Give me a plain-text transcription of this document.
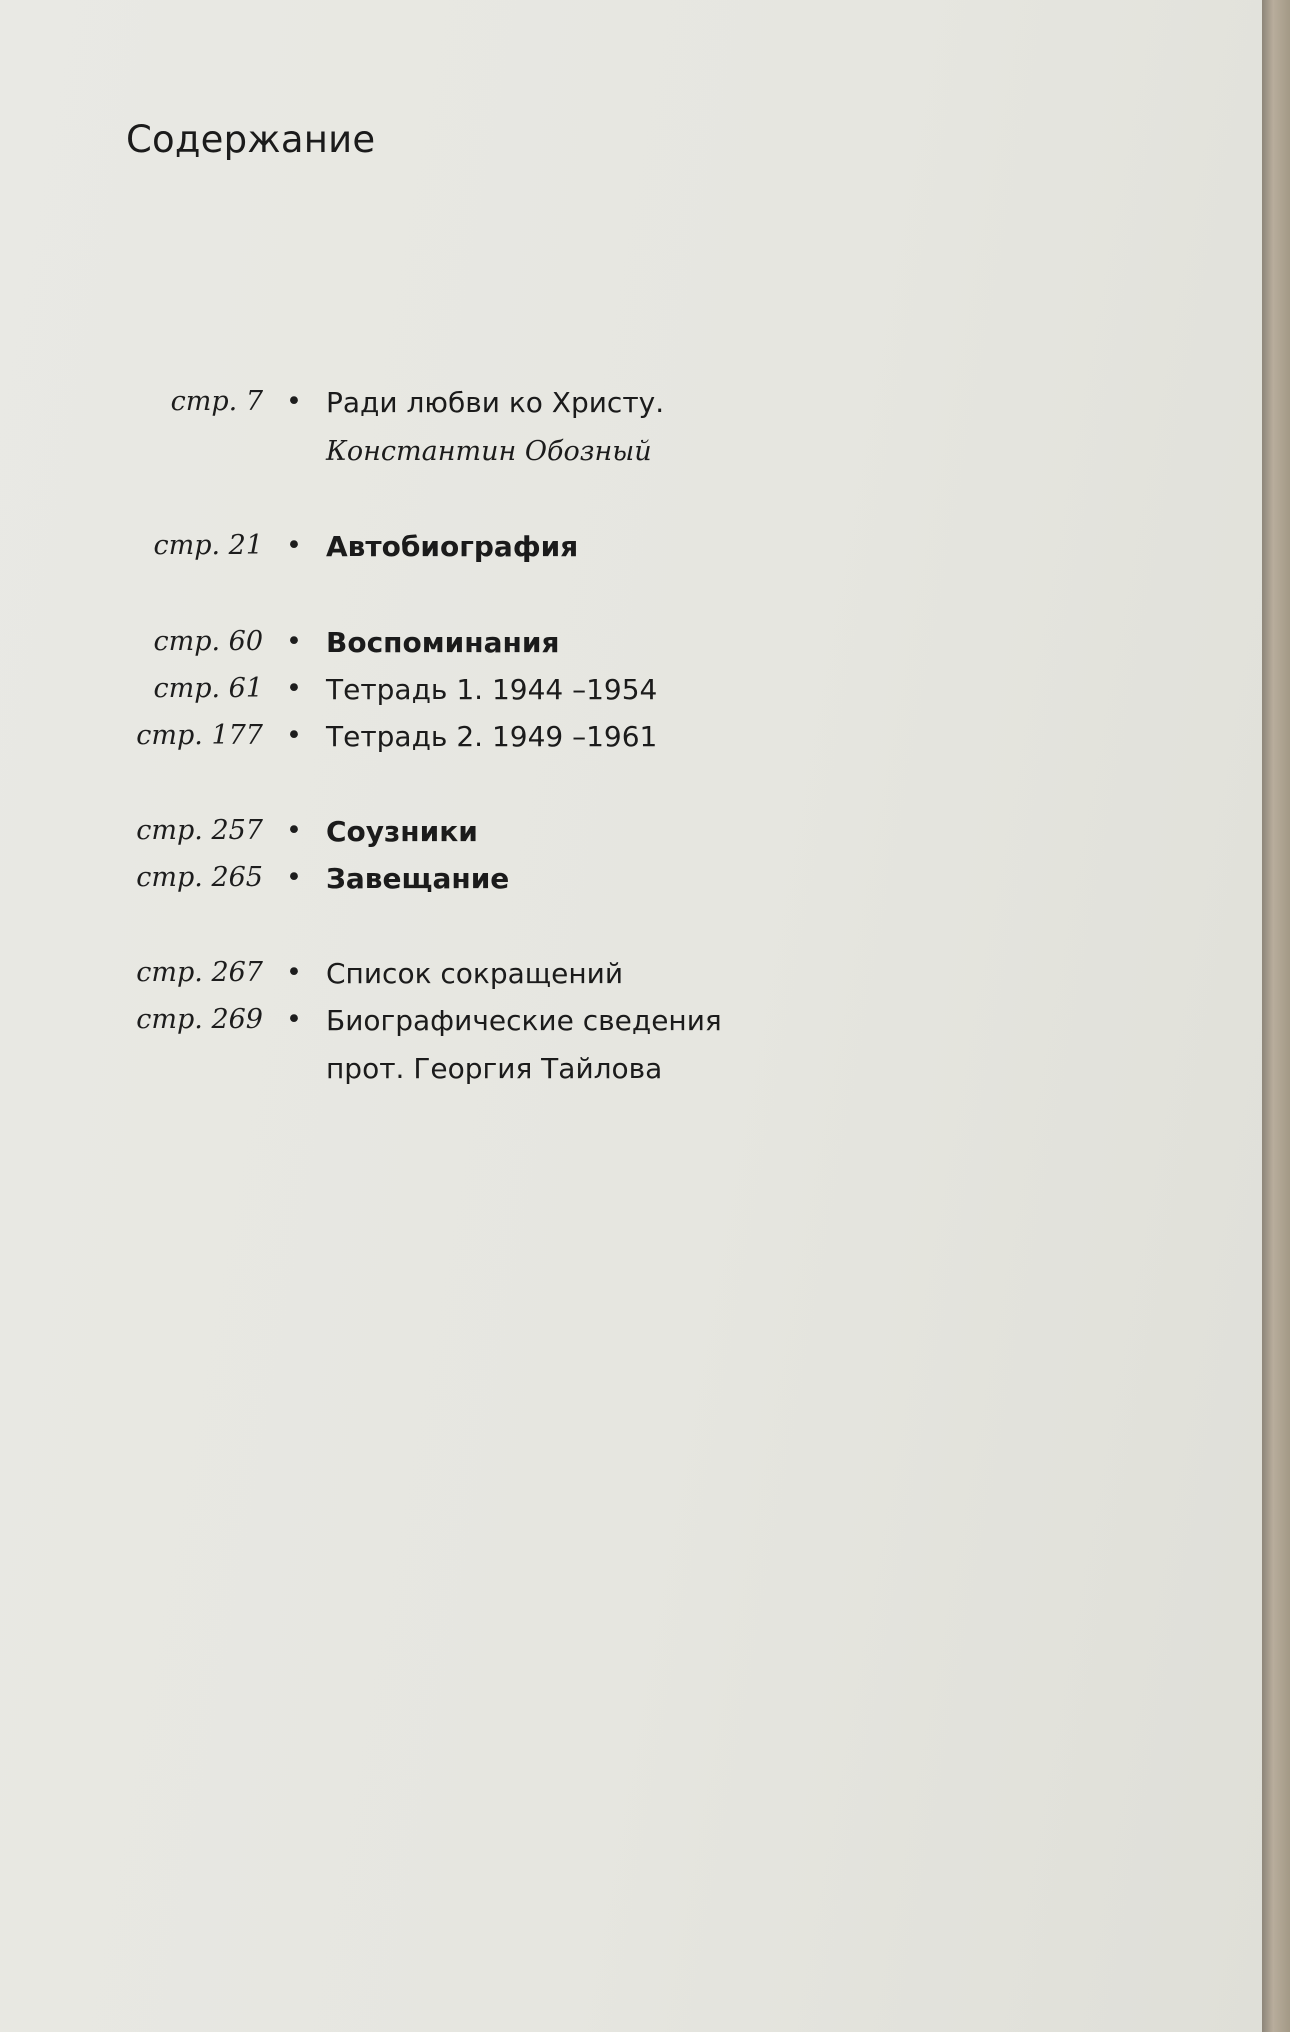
Содержание
стр. 7 • Ради любви ко Христу.
Константин Обозный
стр. 21 • Автобиография
стр. 60 • Воспоминания
стр. 61 • Тетрадь 1. 1944 –1954
стр. 177 • Тетрадь 2. 1949 –1961
стр. 257 • Соузники
стр. 265 • Завещание
стр. 267 • Список сокращений
стр. 269 • Биографические сведения
прот. Георгия Тайлова
